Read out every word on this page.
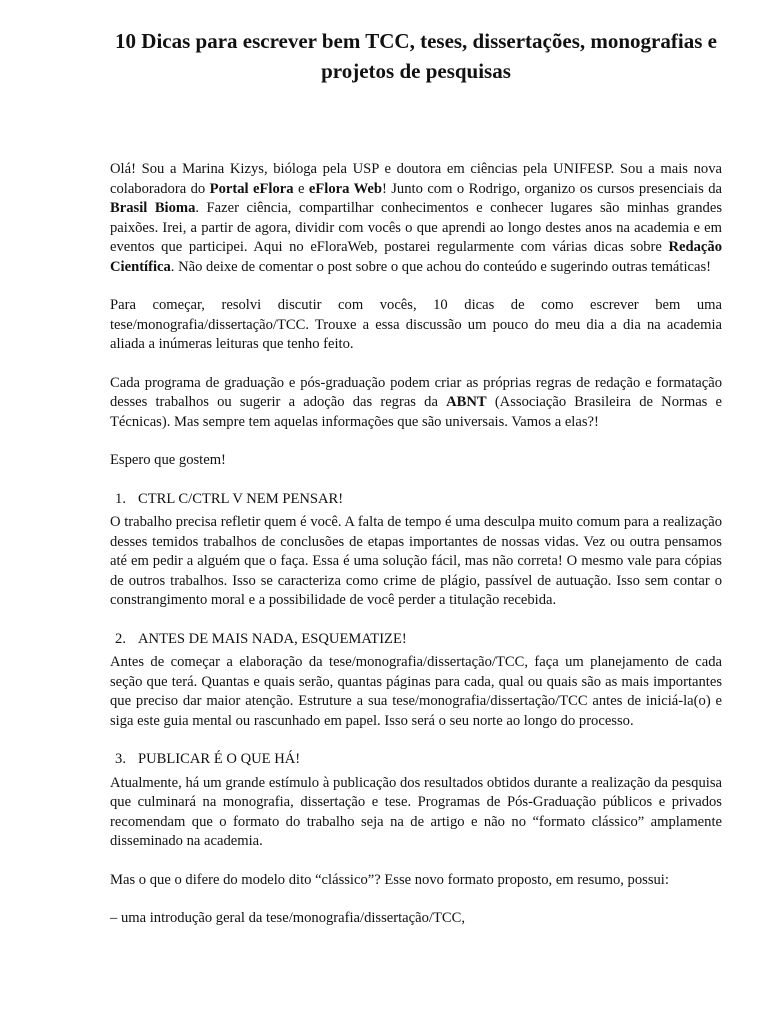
10 Dicas para escrever bem TCC, teses, dissertações, monografias e projetos de pesquisas

Olá! Sou a Marina Kizys, bióloga pela USP e doutora em ciências pela UNIFESP. Sou a mais nova colaboradora do Portal eFlora e eFlora Web! Junto com o Rodrigo, organizo os cursos presenciais da Brasil Bioma. Fazer ciência, compartilhar conhecimentos e conhecer lugares são minhas grandes paixões. Irei, a partir de agora, dividir com vocês o que aprendi ao longo destes anos na academia e em eventos que participei. Aqui no eFloraWeb, postarei regularmente com várias dicas sobre Redação Científica. Não deixe de comentar o post sobre o que achou do conteúdo e sugerindo outras temáticas!

Para começar, resolvi discutir com vocês, 10 dicas de como escrever bem uma tese/monografia/dissertação/TCC. Trouxe a essa discussão um pouco do meu dia a dia na academia aliada a inúmeras leituras que tenho feito.

Cada programa de graduação e pós-graduação podem criar as próprias regras de redação e formatação desses trabalhos ou sugerir a adoção das regras da ABNT (Associação Brasileira de Normas e Técnicas). Mas sempre tem aquelas informações que são universais. Vamos a elas?!

Espero que gostem!

1. CTRL C/CTRL V NEM PENSAR!

O trabalho precisa refletir quem é você. A falta de tempo é uma desculpa muito comum para a realização desses temidos trabalhos de conclusões de etapas importantes de nossas vidas. Vez ou outra pensamos até em pedir a alguém que o faça. Essa é uma solução fácil, mas não correta! O mesmo vale para cópias de outros trabalhos. Isso se caracteriza como crime de plágio, passível de autuação. Isso sem contar o constrangimento moral e a possibilidade de você perder a titulação recebida.

2. ANTES DE MAIS NADA, ESQUEMATIZE!

Antes de começar a elaboração da tese/monografia/dissertação/TCC, faça um planejamento de cada seção que terá. Quantas e quais serão, quantas páginas para cada, qual ou quais são as mais importantes que preciso dar maior atenção. Estruture a sua tese/monografia/dissertação/TCC antes de iniciá-la(o) e siga este guia mental ou rascunhado em papel. Isso será o seu norte ao longo do processo.

3. PUBLICAR É O QUE HÁ!

Atualmente, há um grande estímulo à publicação dos resultados obtidos durante a realização da pesquisa que culminará na monografia, dissertação e tese. Programas de Pós-Graduação públicos e privados recomendam que o formato do trabalho seja na de artigo e não no “formato clássico” amplamente disseminado na academia.

Mas o que o difere do modelo dito “clássico”? Esse novo formato proposto, em resumo, possui:

– uma introdução geral da tese/monografia/dissertação/TCC,
